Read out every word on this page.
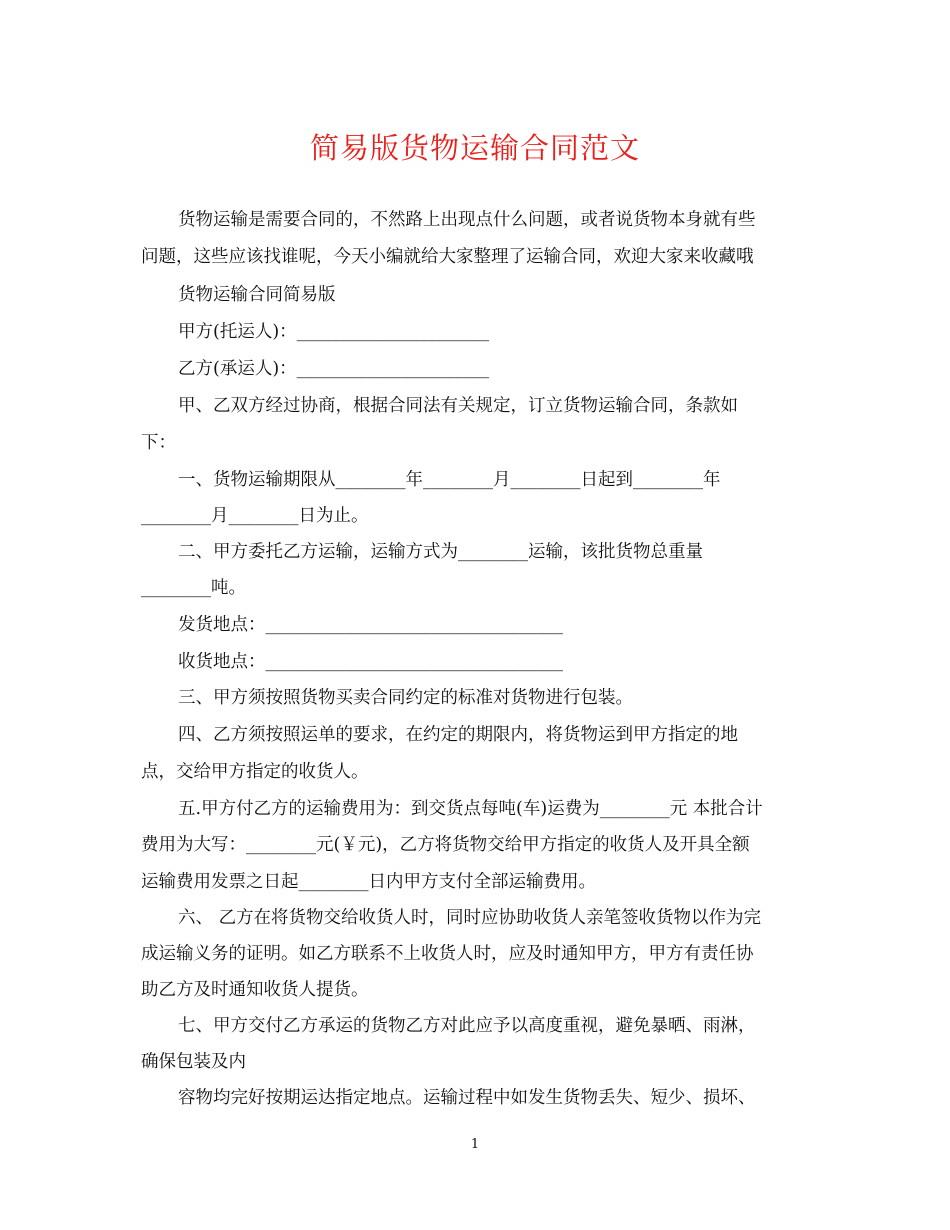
简易版货物运输合同范文
货物运输是需要合同的，不然路上出现点什么问题，或者说货物本身就有些
问题，这些应该找谁呢，今天小编就给大家整理了运输合同，欢迎大家来收藏哦
货物运输合同简易版
甲方(托运人)：______________________
乙方(承运人)：______________________
甲、乙双方经过协商，根据合同法有关规定，订立货物运输合同，条款如
下：
一、货物运输期限从________年________月________日起到________年
________月________日为止。
二、甲方委托乙方运输，运输方式为________运输，该批货物总重量
________吨。
发货地点：__________________________________
收货地点：__________________________________
三、甲方须按照货物买卖合同约定的标准对货物进行包装。
四、乙方须按照运单的要求，在约定的期限内，将货物运到甲方指定的地
点，交给甲方指定的收货人。
五.甲方付乙方的运输费用为：到交货点每吨(车)运费为________元 本批合计
费用为大写：________元(￥元)，乙方将货物交给甲方指定的收货人及开具全额
运输费用发票之日起________日内甲方支付全部运输费用。
六、 乙方在将货物交给收货人时，同时应协助收货人亲笔签收货物以作为完
成运输义务的证明。如乙方联系不上收货人时，应及时通知甲方，甲方有责任协
助乙方及时通知收货人提货。
七、甲方交付乙方承运的货物乙方对此应予以高度重视，避免暴晒、雨淋，
确保包装及内
容物均完好按期运达指定地点。运输过程中如发生货物丢失、短少、损坏、
1
